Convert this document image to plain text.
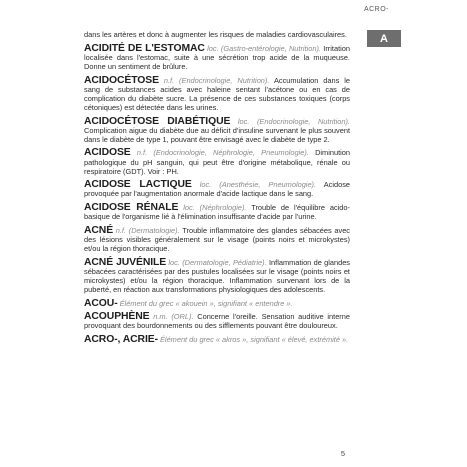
ACRO-
A

dans les artères et donc à augmenter les risques de maladies cardiovasculaires.

ACIDITÉ DE L'ESTOMAC loc. (Gastro-entérologie, Nutrition). Irritation localisée dans l'estomac, suite à une sécrétion trop acide de la muqueuse. Donne un sentiment de brûlure.

ACIDOCÉTOSE n.f. (Endocrinologie, Nutrition). Accumulation dans le sang de substances acides avec haleine sentant l'acétone ou en cas de complication du diabète sucre. La présence de ces substances toxiques (corps cétoniques) est détectée dans les urines.

ACIDOCÉTOSE DIABÉTIQUE loc. (Endocrinologie, Nutrition). Complication aigue du diabète due au déficit d'insuline survenant le plus souvent dans le diabète de type 1, pouvant être envisagé avec le diabète de type 2.

ACIDOSE n.f. (Endocrinologie, Néphrologie, Pneumologie). Diminution pathologique du pH sanguin, qui peut être d'origine métabolique, rénale ou respiratoire (GDT). Voir : PH.

ACIDOSE LACTIQUE loc. (Anesthésie, Pneumologie). Acidose provoquée par l'augmentation anormale d'acide lactique dans le sang.

ACIDOSE RÉNALE loc. (Néphrologie). Trouble de l'équilibre acido-basique de l'organisme lié à l'élimination insuffisante d'acide par l'urine.

ACNÉ n.f. (Dermatologie). Trouble inflammatoire des glandes sébacées avec des lésions visibles généralement sur le visage (points noirs et microkystes) et/ou la région thoracique.

ACNÉ JUVÉNILE loc. (Dermatologie, Pédiatrie). Inflammation de glandes sébacées caractérisées par des pustules localisées sur le visage (points noirs et microkystes) et/ou la région thoracique. Inflammation survenant lors de la puberté, en réaction aux transformations physiologiques des adolescents.

ACOU- Élément du grec « akouein », signifiant « entendre ».

ACOUPHÈNE n.m. (ORL). Concerne l'oreille. Sensation auditive interne provoquant des bourdonnements ou des sifflements pouvant être douloureux.

ACRO-, ACRIE- Élément du grec « akros », signifiant « élevé, extrémité ».

5
